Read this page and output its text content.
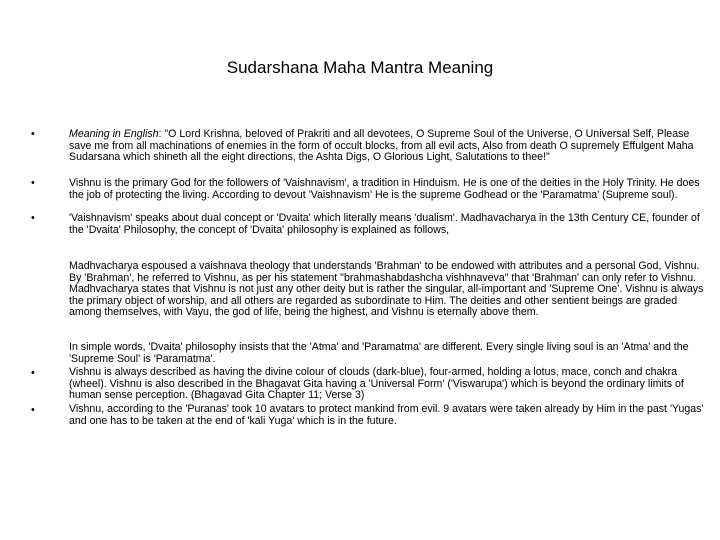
Sudarshana Maha Mantra Meaning
•	Meaning in English: "O Lord Krishna, beloved of Prakriti and all devotees, O Supreme Soul of the Universe, O Universal Self, Please save me from all machinations of enemies in the form of occult blocks, from all evil acts, Also from death O supremely Effulgent Maha Sudarsana which shineth all the eight directions, the Ashta Digs, O Glorious Light, Salutations to thee!"

•	Vishnu is the primary God for the followers of 'Vaishnavism', a tradition in Hinduism. He is one of the deities in the Holy Trinity. He does the job of protecting the living. According to devout 'Vaishnavism' He is the supreme Godhead or the 'Paramatma' (Supreme soul).

•	'Vaishnavism' speaks about dual concept or 'Dvaita' which literally means 'dualism'. Madhavacharya in the 13th Century CE, founder of the 'Dvaita' Philosophy, the concept of 'Dvaita' philosophy is explained as follows,

Madhvacharya espoused a vaishnava theology that understands 'Brahman' to be endowed with attributes and a personal God, Vishnu. By 'Brahman', he referred to Vishnu, as per his statement "brahmashabdashcha vishhnaveva" that 'Brahman' can only refer to Vishnu. Madhvacharya states that Vishnu is not just any other deity but is rather the singular, all-important and 'Supreme One'. Vishnu is always the primary object of worship, and all others are regarded as subordinate to Him. The deities and other sentient beings are graded among themselves, with Vayu, the god of life, being the highest, and Vishnu is eternally above them.

In simple words, 'Dvaita' philosophy insists that the 'Atma' and 'Paramatma' are different. Every single living soul is an 'Atma' and the 'Supreme Soul' is 'Paramatma'.

•	Vishnu is always described as having the divine colour of clouds (dark-blue), four-armed, holding a lotus, mace, conch and chakra (wheel). Vishnu is also described in the Bhagavat Gita having a 'Universal Form' ('Viswarupa') which is beyond the ordinary limits of human sense perception. (Bhagavad Gita Chapter 11; Verse 3)

•	Vishnu, according to the 'Puranas' took 10 avatars to protect mankind from evil. 9 avatars were taken already by Him in the past 'Yugas' and one has to be taken at the end of 'kali Yuga' which is in the future.
